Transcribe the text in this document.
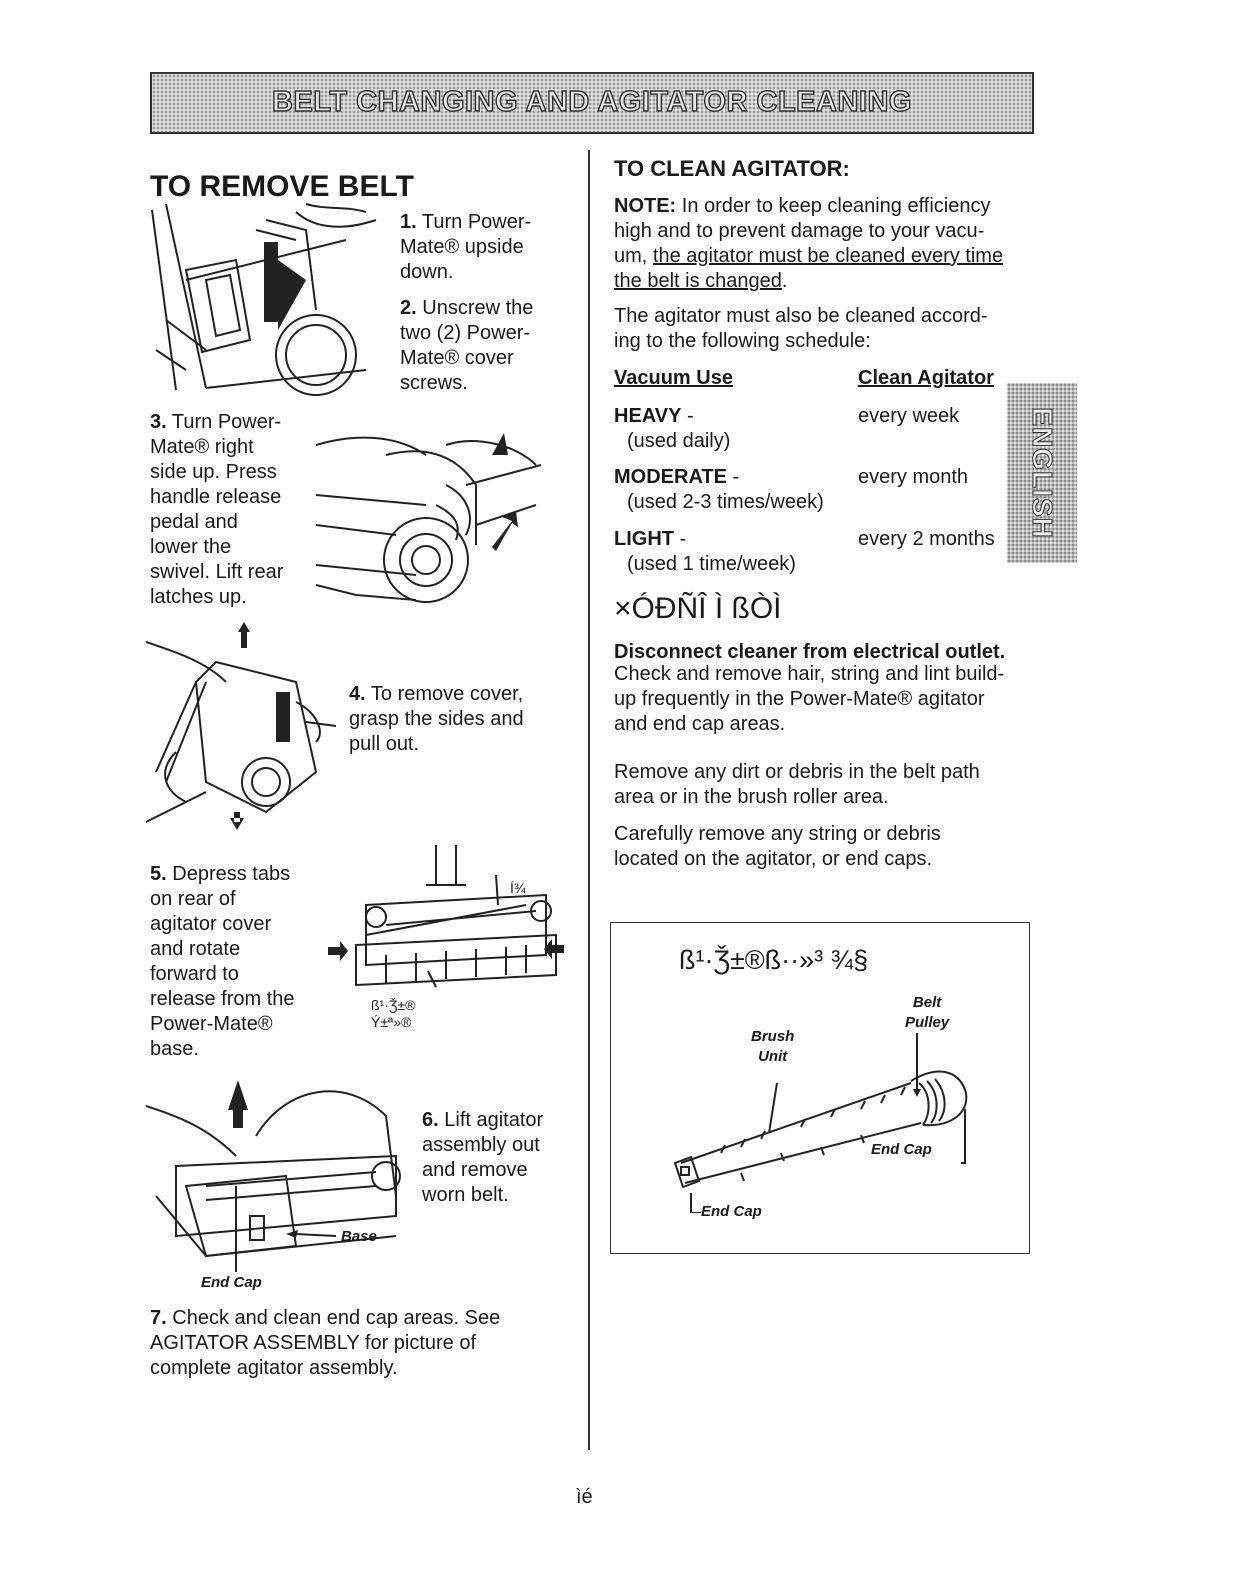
BELT CHANGING AND AGITATOR CLEANING
TO REMOVE BELT
1. Turn Power-
Mate® upside
down.
2. Unscrew the
two (2) Power-
Mate® cover
screws.
3. Turn Power-
Mate® right
side up. Press
handle release
pedal and
lower the
swivel. Lift rear
latches up.
4. To remove cover,
grasp the sides and
pull out.
5. Depress tabs
on rear of
agitator cover
and rotate
forward to
release from the
Power-Mate®
base.
ß¹·Ǯ±®
Ý±ª»®
Í¾
Base
End Cap
6. Lift agitator
assembly out
and remove
worn belt.
7. Check and clean end cap areas. See
AGITATOR ASSEMBLY for picture of
complete agitator assembly.
TO CLEAN AGITATOR:
NOTE: In order to keep cleaning efficiency
high and to prevent damage to your vacu-
um, the agitator must be cleaned every time
the belt is changed.
The agitator must also be cleaned accord-
ing to the following schedule:
Vacuum Use	Clean Agitator
HEAVY -
(used daily)
every week
MODERATE -
(used 2-3 times/week)
every month
LIGHT -
(used 1 time/week)
every 2 months
ENGLISH
×ÓÐÑÎ Ì ßÒÌ
Disconnect cleaner from electrical outlet.
Check and remove hair, string and lint build-
up frequently in the Power-Mate® agitator
and end cap areas.
Remove any dirt or debris in the belt path
area or in the brush roller area.
Carefully remove any string or debris
located on the agitator, or end caps.
ß¹·Ǯ±®ß··»³ ¾§
Belt
Pulley
Brush
Unit
End Cap
End Cap
ìé
